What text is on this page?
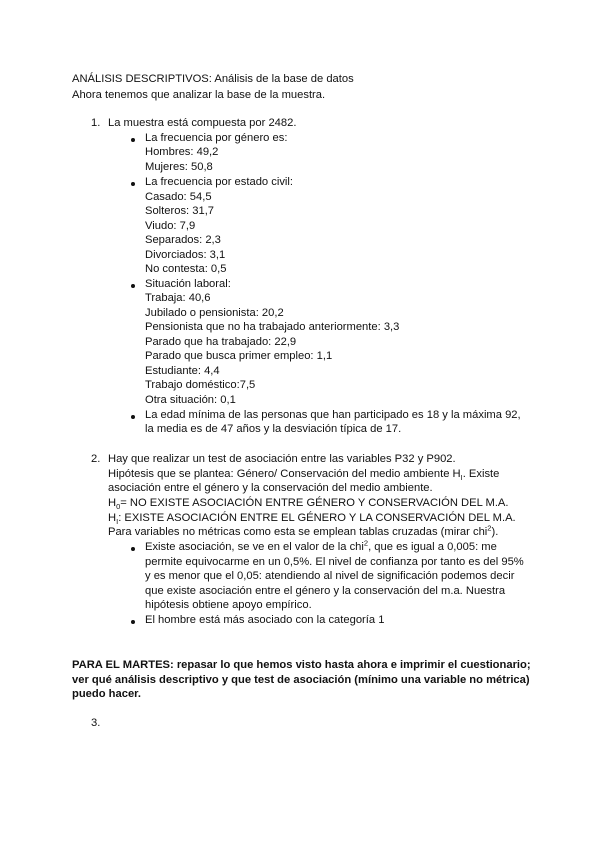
ANÁLISIS DESCRIPTIVOS: Análisis de la base de datos
Ahora tenemos que analizar la base de la muestra.
1. La muestra está compuesta por 2482.
La frecuencia por género es:
Hombres: 49,2
Mujeres: 50,8
La frecuencia por estado civil:
Casado: 54,5
Solteros: 31,7
Viudo: 7,9
Separados: 2,3
Divorciados: 3,1
No contesta: 0,5
Situación laboral:
Trabaja: 40,6
Jubilado o pensionista: 20,2
Pensionista que no ha trabajado anteriormente: 3,3
Parado que ha trabajado: 22,9
Parado que busca primer empleo: 1,1
Estudiante: 4,4
Trabajo doméstico:7,5
Otra situación: 0,1
La edad mínima de las personas que han participado es 18 y la máxima 92,
la media es de 47 años y la desviación típica de 17.
2. Hay que realizar un test de asociación entre las variables P32 y P902.
Hipótesis que se plantea: Género/ Conservación del medio ambiente $H_I$. Existe
asociación entre el género y la conservación del medio ambiente.
$H_0=$ NO EXISTE ASOCIACIÓN ENTRE GÉNERO Y CONSERVACIÓN DEL M.A.
$H_I$: EXISTE ASOCIACIÓN ENTRE EL GÉNERO Y LA CONSERVACIÓN DEL M.A.
Para variables no métricas como esta se emplean tablas cruzadas (mirar chi$^2$).
Existe asociación, se ve en el valor de la chi$^2$, que es igual a 0,005: me
permite equivocarme en un 0,5%. El nivel de confianza por tanto es del 95%
y es menor que el 0,05: atendiendo al nivel de significación podemos decir
que existe asociación entre el género y la conservación del m.a. Nuestra
hipótesis obtiene apoyo empírico.
El hombre está más asociado con la categoría 1
PARA EL MARTES: repasar lo que hemos visto hasta ahora e imprimir el cuestionario;
ver qué análisis descriptivo y que test de asociación (mínimo una variable no métrica)
puedo hacer.
3.
